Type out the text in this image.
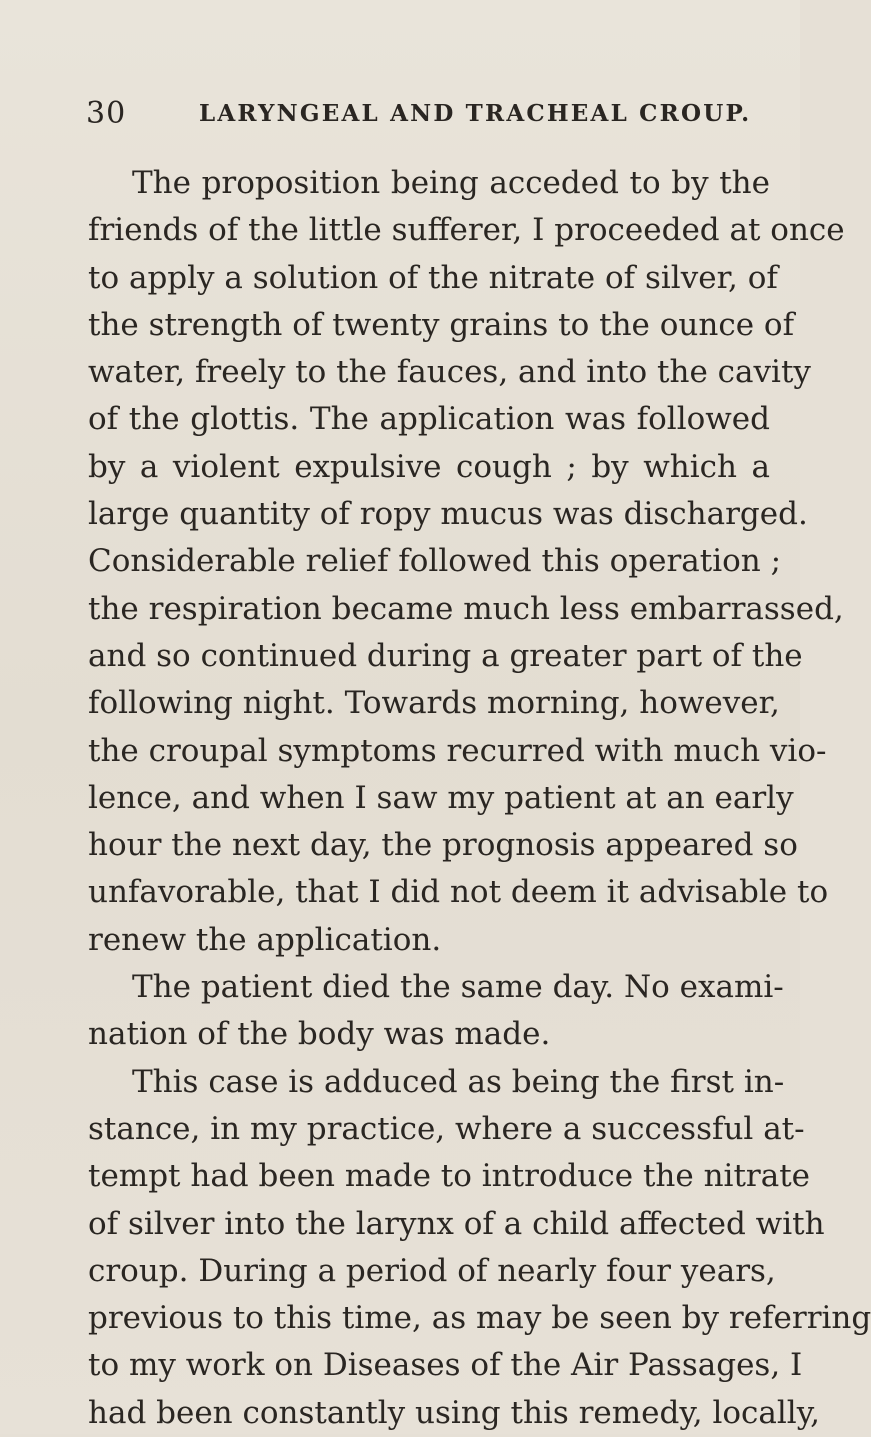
30	LARYNGEAL AND TRACHEAL CROUP.
The proposition being acceded to by the
friends of the little sufferer, I proceeded at once
to apply a solution of the nitrate of silver, of
the strength of twenty grains to the ounce of
water, freely to the fauces, and into the cavity
of the glottis. The application was followed
by a violent expulsive cough ; by which a
large quantity of ropy mucus was discharged.
Considerable relief followed this operation ;
the respiration became much less embarrassed,
and so continued during a greater part of the
following night. Towards morning, however,
the croupal symptoms recurred with much vio-
lence, and when I saw my patient at an early
hour the next day, the prognosis appeared so
unfavorable, that I did not deem it advisable to
renew the application.
The patient died the same day. No exami-
nation of the body was made.
This case is adduced as being the first in-
stance, in my practice, where a successful at-
tempt had been made to introduce the nitrate
of silver into the larynx of a child affected with
croup. During a period of nearly four years,
previous to this time, as may be seen by referring
to my work on Diseases of the Air Passages, I
had been constantly using this remedy, locally,
